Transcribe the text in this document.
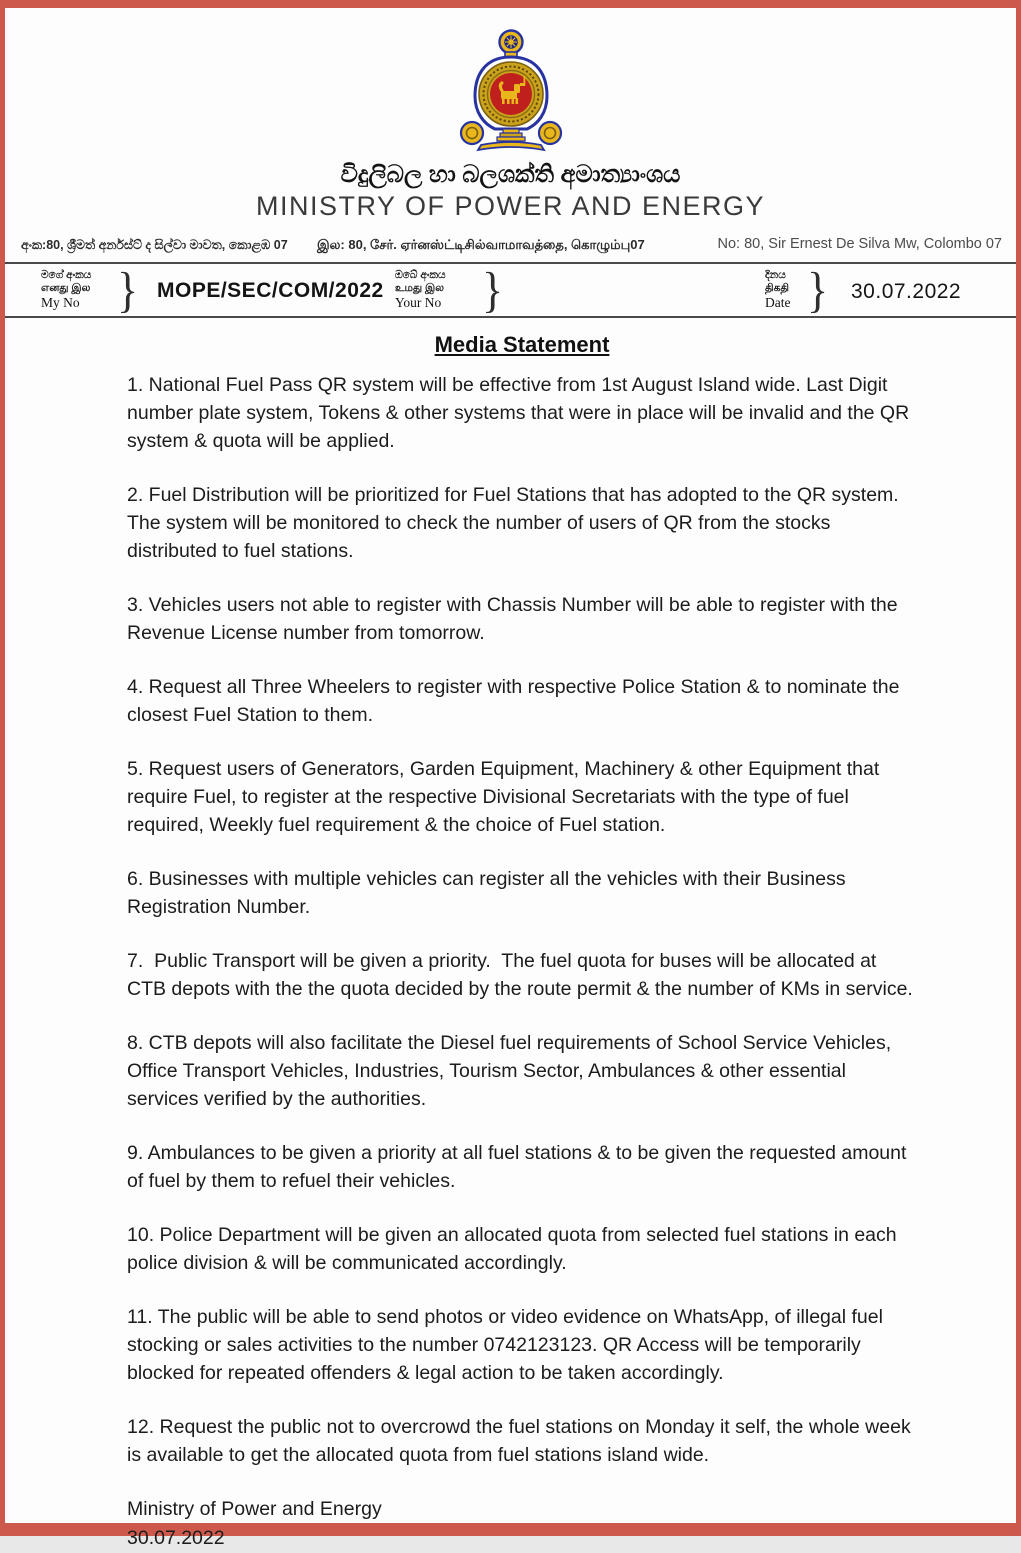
විදුලිබල හා බලශක්ති අමාත්‍යාංශය
MINISTRY OF POWER AND ENERGY
අංක:80, ශ්‍රීමත් අර්නස්ට් ද සිල්වා මාවත, කොළඹ 07 இல: 80, சேர். ஏர்னஸ்ட்டிசில்வாமாவத்தை, கொழும்பு07	No: 80, Sir Ernest De Silva Mw, Colombo 07
මගේ අංකය
எனது இல
My No } MOPE/SEC/COM/2022
ඔබේ අංකය
உமது இல
Your No }	දිනය
திகதி
Date } 30.07.2022
Media Statement

1. National Fuel Pass QR system will be effective from 1st August Island wide. Last Digit number plate system, Tokens & other systems that were in place will be invalid and the QR system & quota will be applied.

2. Fuel Distribution will be prioritized for Fuel Stations that has adopted to the QR system. The system will be monitored to check the number of users of QR from the stocks distributed to fuel stations.

3. Vehicles users not able to register with Chassis Number will be able to register with the Revenue License number from tomorrow.

4. Request all Three Wheelers to register with respective Police Station & to nominate the closest Fuel Station to them.

5. Request users of Generators, Garden Equipment, Machinery & other Equipment that require Fuel, to register at the respective Divisional Secretariats with the type of fuel required, Weekly fuel requirement & the choice of Fuel station.

6. Businesses with multiple vehicles can register all the vehicles with their Business Registration Number.

7.  Public Transport will be given a priority.  The fuel quota for buses will be allocated at CTB depots with the the quota decided by the route permit & the number of KMs in service.

8. CTB depots will also facilitate the Diesel fuel requirements of School Service Vehicles, Office Transport Vehicles, Industries, Tourism Sector, Ambulances & other essential services verified by the authorities.

9. Ambulances to be given a priority at all fuel stations & to be given the requested amount of fuel by them to refuel their vehicles.

10. Police Department will be given an allocated quota from selected fuel stations in each police division & will be communicated accordingly.

11. The public will be able to send photos or video evidence on WhatsApp, of illegal fuel stocking or sales activities to the number 0742123123. QR Access will be temporarily blocked for repeated offenders & legal action to be taken accordingly.

12. Request the public not to overcrowd the fuel stations on Monday it self, the whole week is available to get the allocated quota from fuel stations island wide.

Ministry of Power and Energy
30.07.2022
